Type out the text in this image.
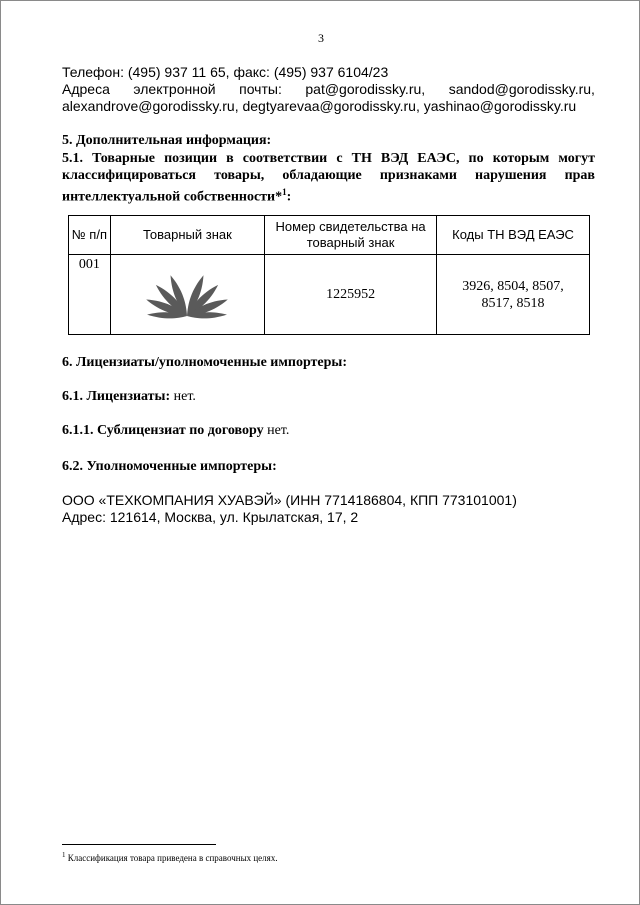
3
Телефон: (495) 937 11 65, факс: (495) 937 6104/23
Адреса электронной почты: pat@gorodissky.ru, sandod@gorodissky.ru,
alexandrove@gorodissky.ru, degtyarevaa@gorodissky.ru, yashinao@gorodissky.ru
5. Дополнительная информация:
5.1. Товарные позиции в соответствии с ТН ВЭД ЕАЭС, по которым могут
классифицироваться товары, обладающие признаками нарушения прав
интеллектуальной собственности*$^1$:
№ п/п	Товарный знак	Номер свидетельства на товарный знак	Коды ТН ВЭД ЕАЭС
001		1225952	3926, 8504, 8507, 8517, 8518
6. Лицензиаты/уполномоченные импортеры:
6.1. Лицензиаты: нет.
6.1.1. Сублицензиат по договору нет.
6.2. Уполномоченные импортеры:
ООО «ТЕХКОМПАНИЯ ХУАВЭЙ» (ИНН 7714186804, КПП 773101001)
Адрес: 121614, Москва, ул. Крылатская, 17, 2
$^1$ Классификация товара приведена в справочных целях.
